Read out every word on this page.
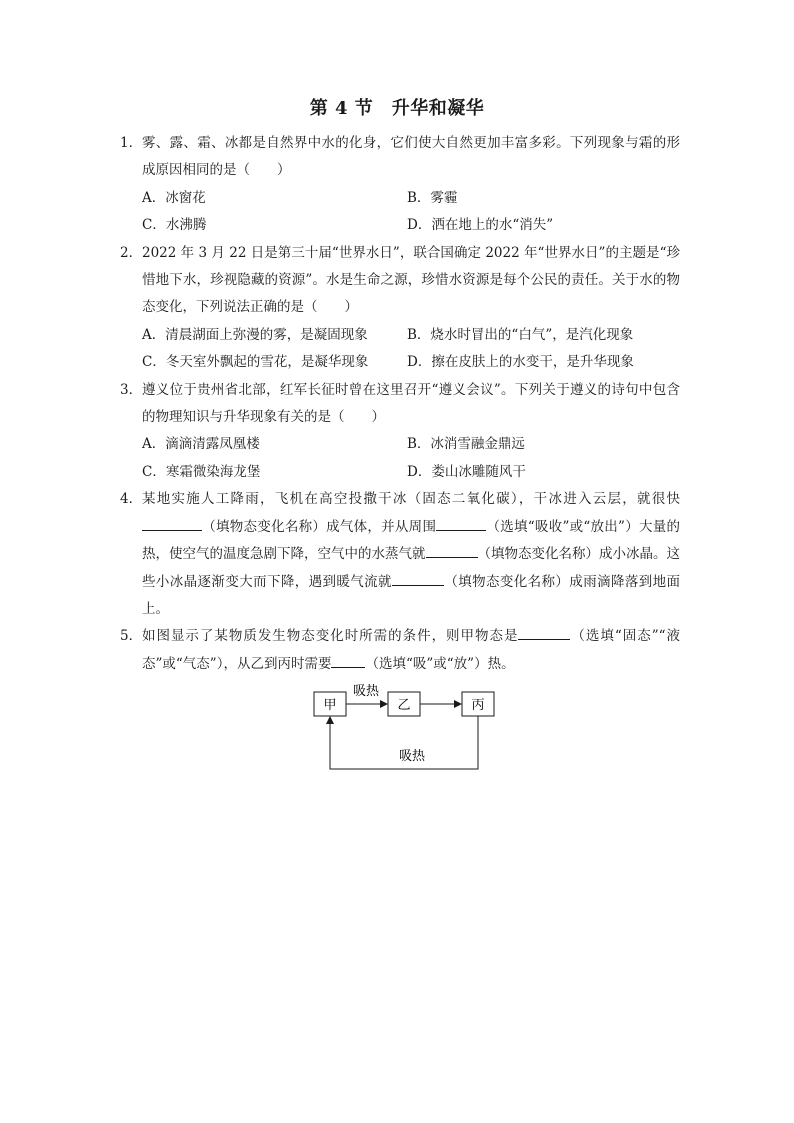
第 4 节　升华和凝华
1． 雾、露、霜、冰都是自然界中水的化身，它们使大自然更加丰富多彩。下列现象与霜的形成原因相同的是（　　）
A．冰窗花	B．雾霾
C．水沸腾	D．洒在地上的水“消失”
2． 2022 年 3 月 22 日是第三十届“世界水日”，联合国确定 2022 年“世界水日”的主题是“珍惜地下水，珍视隐藏的资源”。水是生命之源，珍惜水资源是每个公民的责任。关于水的物态变化，下列说法正确的是（　　）
A．清晨湖面上弥漫的雾，是凝固现象	B．烧水时冒出的“白气”，是汽化现象
C．冬天室外飘起的雪花，是凝华现象	D．擦在皮肤上的水变干，是升华现象
3． 遵义位于贵州省北部，红军长征时曾在这里召开“遵义会议”。下列关于遵义的诗句中包含的物理知识与升华现象有关的是（　　）
A．滴滴清露凤凰楼	B．冰消雪融金鼎远
C．寒霜微染海龙堡	D．娄山冰雕随风干
4． 某地实施人工降雨，飞机在高空投撒干冰（固态二氧化碳），干冰进入云层，就很快（填物态变化名称）成气体，并从周围	（选填“吸收”或“放出”）大量的热，使空气的温度急剧下降，空气中的水蒸气就	（填物态变化名称）成小冰晶。这些小冰晶逐渐变大而下降，遇到暖气流就	（填物态变化名称）成雨滴降落到地面上。
5． 如图显示了某物质发生物态变化时所需的条件，则甲物态是	（选填“固态”“液态”或“气态”），从乙到丙时需要	（选填“吸”或“放”）热。
甲	乙	丙
吸热
吸热
